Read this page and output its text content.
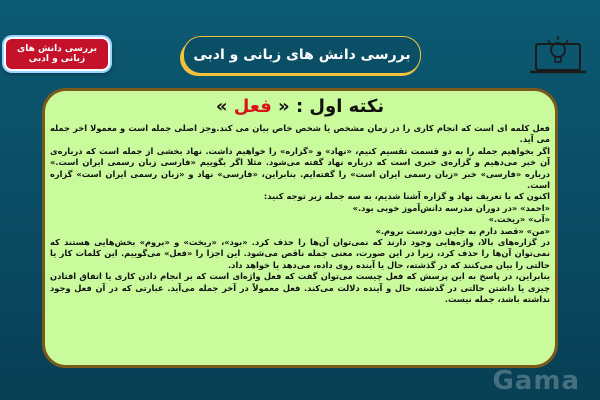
بررسی دانش های زبانی و ادبی	بررسی دانش های زبانی و ادبی
نکته اول : « فعل »

فعل کلمه ای است که انجام کاری را در زمان مشخص یا شخص خاص بیان می کند.وجز اصلی جمله است و معمولا اخر جمله می آید.

اگر بخواهیم جمله را به دو قسمت تقسیم کنیم، «نهاد» و «گزاره» را خواهیم داشت. نهاد بخشی از جمله است که درباره‌ی آن خبر می‌دهیم و گزاره‌ی خبری است که درباره نهاد گفته می‌شود. مثلا اگر بگوییم «فارسی زبان رسمی ایران است.» درباره «فارسی» خبر «زبان رسمی ایران است» را گفته‌ایم. بنابراین، «فارسی» نهاد و «زبان رسمی ایران است» گزاره است.

اکنون که با تعریف نهاد و گزاره آشنا شدیم، به سه جمله زیر توجه کنید:

«احمد» «در دوران مدرسه دانش‌آموز خوبی بود.»

«آب» «ریخت.»

«من» «قصد دارم به جایی دوردست بروم.»

در گزاره‌های بالا، واژه‌هایی وجود دارند که نمی‌توان آن‌ها را حذف کرد. «بود»، «ریخت» و «بروم» بخش‌هایی هستند که نمی‌توان آن‌ها را حذف کرد، زیرا در این صورت، معنی جمله ناقص می‌شود. این اجزا را «فعل» می‌گوییم. این کلمات کار یا حالتی را بیان می‌کنند که در گذشته، حال یا آینده روی داده، می‌دهد یا خواهد داد.

بنابراین، در پاسخ به این پرسش که فعل چیست می‌توان گفت که فعل واژه‌ای است که بر انجام دادن کاری یا اتفاق افتادن چیزی یا داشتن حالتی در گذشته، حال و آینده دلالت می‌کند. فعل معمولاً در آخر جمله می‌آید. عبارتی که در آن فعل وجود نداشته باشد، جمله نیست.

Gama
